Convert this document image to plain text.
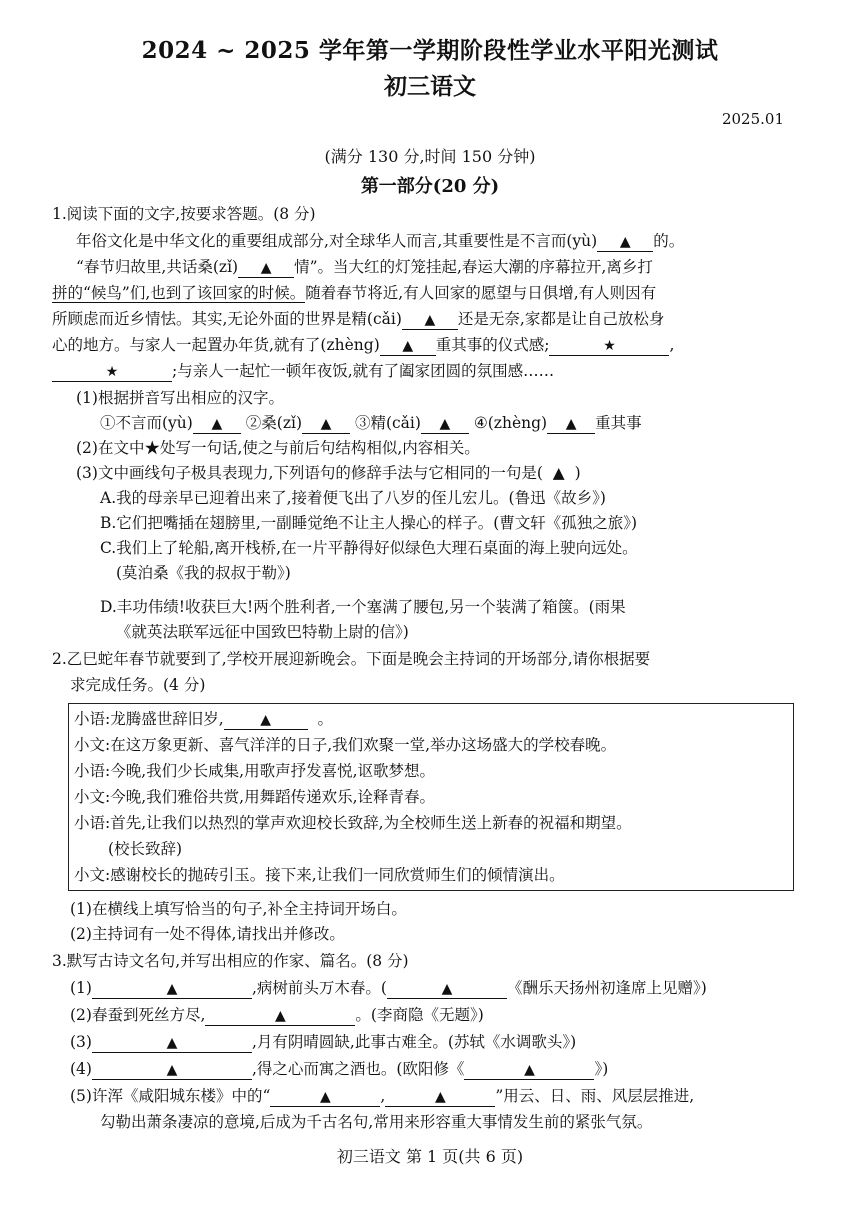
2024 ~ 2025 学年第一学期阶段性学业水平阳光测试
初三语文
2025.01
(满分 130 分,时间 150 分钟)
第一部分(20 分)
1.阅读下面的文字,按要求答题。(8 分)
年俗文化是中华文化的重要组成部分,对全球华人而言,其重要性是不言而(yù) ▲ 的。
“春节归故里,共话桑(zǐ) ▲ 情”。当大红的灯笼挂起,春运大潮的序幕拉开,离乡打
拼的“候鸟”们,也到了该回家的时候。随着春节将近,有人回家的愿望与日俱增,有人则因有
所顾虑而近乡情怯。其实,无论外面的世界是精(cǎi) ▲ 还是无奈,家都是让自己放松身
心的地方。与家人一起置办年货,就有了(zhèng) ▲ 重其事的仪式感;	★	,
★	;与亲人一起忙一顿年夜饭,就有了阖家团圆的氛围感……
(1)根据拼音写出相应的汉字。
①不言而(yù) ▲ ②桑(zǐ) ▲ ③精(cǎi) ▲ ④(zhèng) ▲ 重其事
(2)在文中★处写一句话,使之与前后句结构相似,内容相关。
(3)文中画线句子极具表现力,下列语句的修辞手法与它相同的一句是( ▲ )
A.我的母亲早已迎着出来了,接着便飞出了八岁的侄儿宏儿。(鲁迅《故乡》)
B.它们把嘴插在翅膀里,一副睡觉绝不让主人操心的样子。(曹文轩《孤独之旅》)
C.我们上了轮船,离开栈桥,在一片平静得好似绿色大理石桌面的海上驶向远处。
(莫泊桑《我的叔叔于勒》)
D.丰功伟绩!收获巨大!两个胜利者,一个塞满了腰包,另一个装满了箱箧。(雨果
《就英法联军远征中国致巴特勒上尉的信》)
2.乙巳蛇年春节就要到了,学校开展迎新晚会。下面是晚会主持词的开场部分,请你根据要
求完成任务。(4 分)
小语:龙腾盛世辞旧岁,	▲	。
小文:在这万象更新、喜气洋洋的日子,我们欢聚一堂,举办这场盛大的学校春晚。
小语:今晚,我们少长咸集,用歌声抒发喜悦,讴歌梦想。
小文:今晚,我们雅俗共赏,用舞蹈传递欢乐,诠释青春。
小语:首先,让我们以热烈的掌声欢迎校长致辞,为全校师生送上新春的祝福和期望。
(校长致辞)
小文:感谢校长的抛砖引玉。接下来,让我们一同欣赏师生们的倾情演出。
(1)在横线上填写恰当的句子,补全主持词开场白。
(2)主持词有一处不得体,请找出并修改。
3.默写古诗文名句,并写出相应的作家、篇名。(8 分)
(1)	▲	,病树前头万木春。(	▲	《酬乐天扬州初逢席上见赠》)
(2)春蚕到死丝方尽,	▲	。(李商隐《无题》)
(3)	▲	,月有阴晴圆缺,此事古难全。(苏轼《水调歌头》)
(4)	▲	,得之心而寓之酒也。(欧阳修《	▲	》)
(5)许浑《咸阳城东楼》中的“	▲	,	▲	”用云、日、雨、风层层推进,
勾勒出萧条凄凉的意境,后成为千古名句,常用来形容重大事情发生前的紧张气氛。
初三语文 第 1 页(共 6 页)
